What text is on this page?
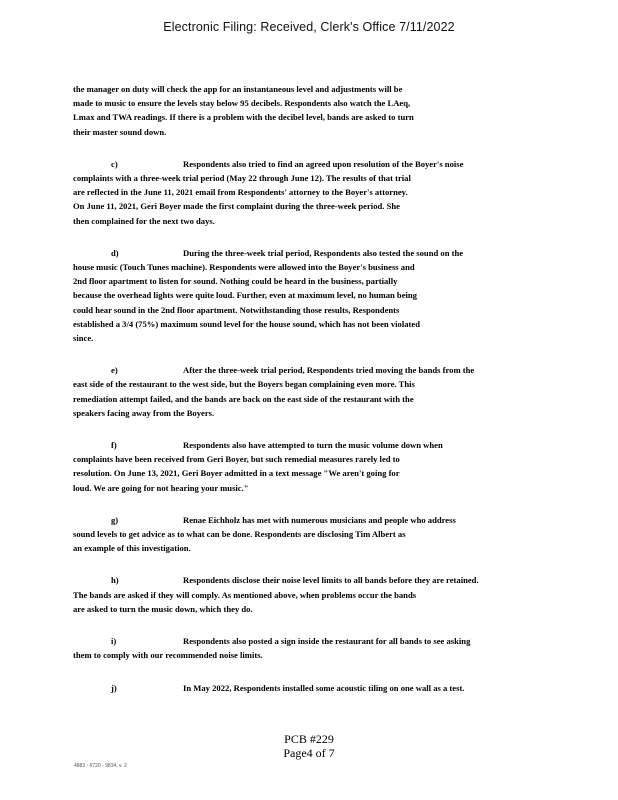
Electronic Filing: Received, Clerk's Office 7/11/2022
the manager on duty will check the app for an instantaneous level and adjustments will be
made to music to ensure the levels stay below 95 decibels. Respondents also watch the LAeq,
Lmax and TWA readings. If there is a problem with the decibel level, bands are asked to turn
their master sound down.
c)	Respondents also tried to find an agreed upon resolution of the Boyer's noise
complaints with a three-week trial period (May 22 through June 12). The results of that trial
are reflected in the June 11, 2021 email from Respondents' attorney to the Boyer's attorney.
On June 11, 2021, Geri Boyer made the first complaint during the three-week period. She
then complained for the next two days.
d)	During the three-week trial period, Respondents also tested the sound on the
house music (Touch Tunes machine). Respondents were allowed into the Boyer's business and
2nd floor apartment to listen for sound. Nothing could be heard in the business, partially
because the overhead lights were quite loud. Further, even at maximum level, no human being
could hear sound in the 2nd floor apartment. Notwithstanding those results, Respondents
established a 3/4 (75%) maximum sound level for the house sound, which has not been violated
since.
e)	After the three-week trial period, Respondents tried moving the bands from the
east side of the restaurant to the west side, but the Boyers began complaining even more. This
remediation attempt failed, and the bands are back on the east side of the restaurant with the
speakers facing away from the Boyers.
f)	Respondents also have attempted to turn the music volume down when
complaints have been received from Geri Boyer, but such remedial measures rarely led to
resolution. On June 13, 2021, Geri Boyer admitted in a text message "We aren't going for
loud. We are going for not hearing your music."
g)	Renae Eichholz has met with numerous musicians and people who address
sound levels to get advice as to what can be done. Respondents are disclosing Tim Albert as
an example of this investigation.
h)	Respondents disclose their noise level limits to all bands before they are retained.
The bands are asked if they will comply. As mentioned above, when problems occur the bands
are asked to turn the music down, which they do.
i)	Respondents also posted a sign inside the restaurant for all bands to see asking
them to comply with our recommended noise limits.
j)	In May 2022, Respondents installed some acoustic tiling on one wall as a test.
PCB #229
Page4 of 7
4883 - 6720 - 9834, v. 2
